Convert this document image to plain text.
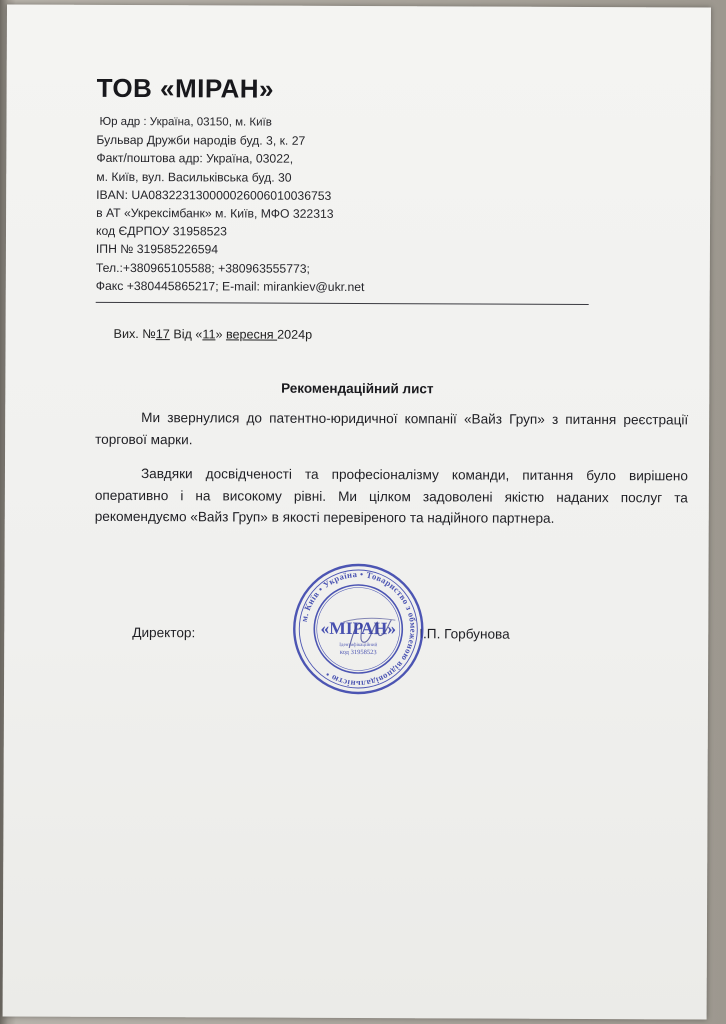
ТОВ «МІРАН»
Юр адр : Україна, 03150, м. Київ
Бульвар Дружби народів буд. 3, к. 27
Факт/поштова адр: Україна, 03022,
м. Київ, вул. Васильківська буд. 30
IBAN: UA083223130000026006010036753
в АТ «Укрексімбанк» м. Київ, МФО 322313
код ЄДРПОУ 31958523
ІПН № 319585226594
Тел.:+380965105588; +380963555773;
Факс +380445865217; E-mail: mirankiev@ukr.net
Вих. №17 Від «11» вересня 2024р
Рекомендаційний лист

Ми звернулися до патентно-юридичної компанії «Вайз Груп» з питання реєстрації торгової марки.

Завдяки досвідченості та професіоналізму команди, питання було вирішено оперативно і на високому рівні. Ми цілком задоволені якістю наданих послуг та рекомендуємо «Вайз Груп» в якості перевіреного та надійного партнера.

Директор:	І.П. Горбунова
м. Київ • Україна • Товариство з обмеженою відповідальністю •
«МІРАН»
Ідентифікаційний
код 31958523
